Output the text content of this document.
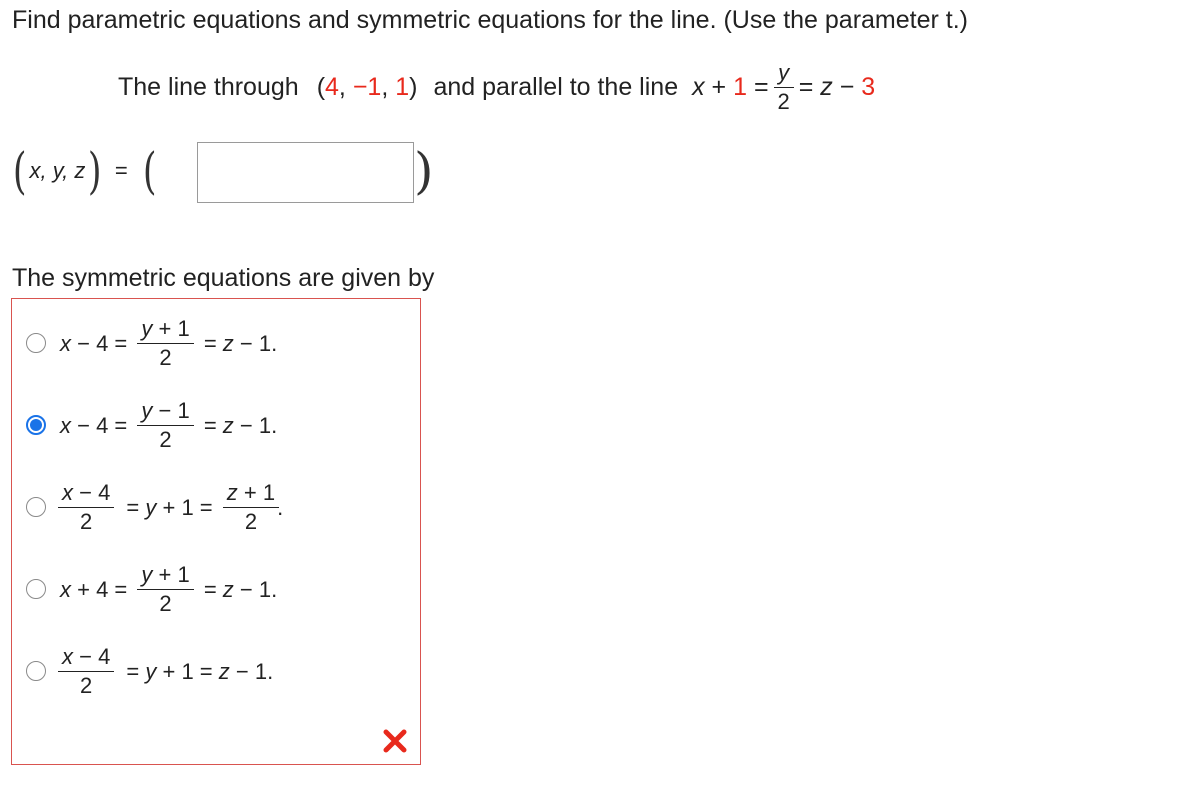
Find parametric equations and symmetric equations for the line. (Use the parameter t.)
The line through (4, −1, 1) and parallel to the line $x + 1 = \frac{y}{2} = z - 3$
( x, y, z ) = (	)
The symmetric equations are given by
$x - 4 = \frac{y + 1}{2} = z - 1$.
$x - 4 = \frac{y - 1}{2} = z - 1$.
$\frac{x - 4}{2} = y + 1 = \frac{z + 1}{2}$ .
$x + 4 = \frac{y + 1}{2} = z - 1$.
$\frac{x - 4}{2} = y + 1 = z - 1$.
